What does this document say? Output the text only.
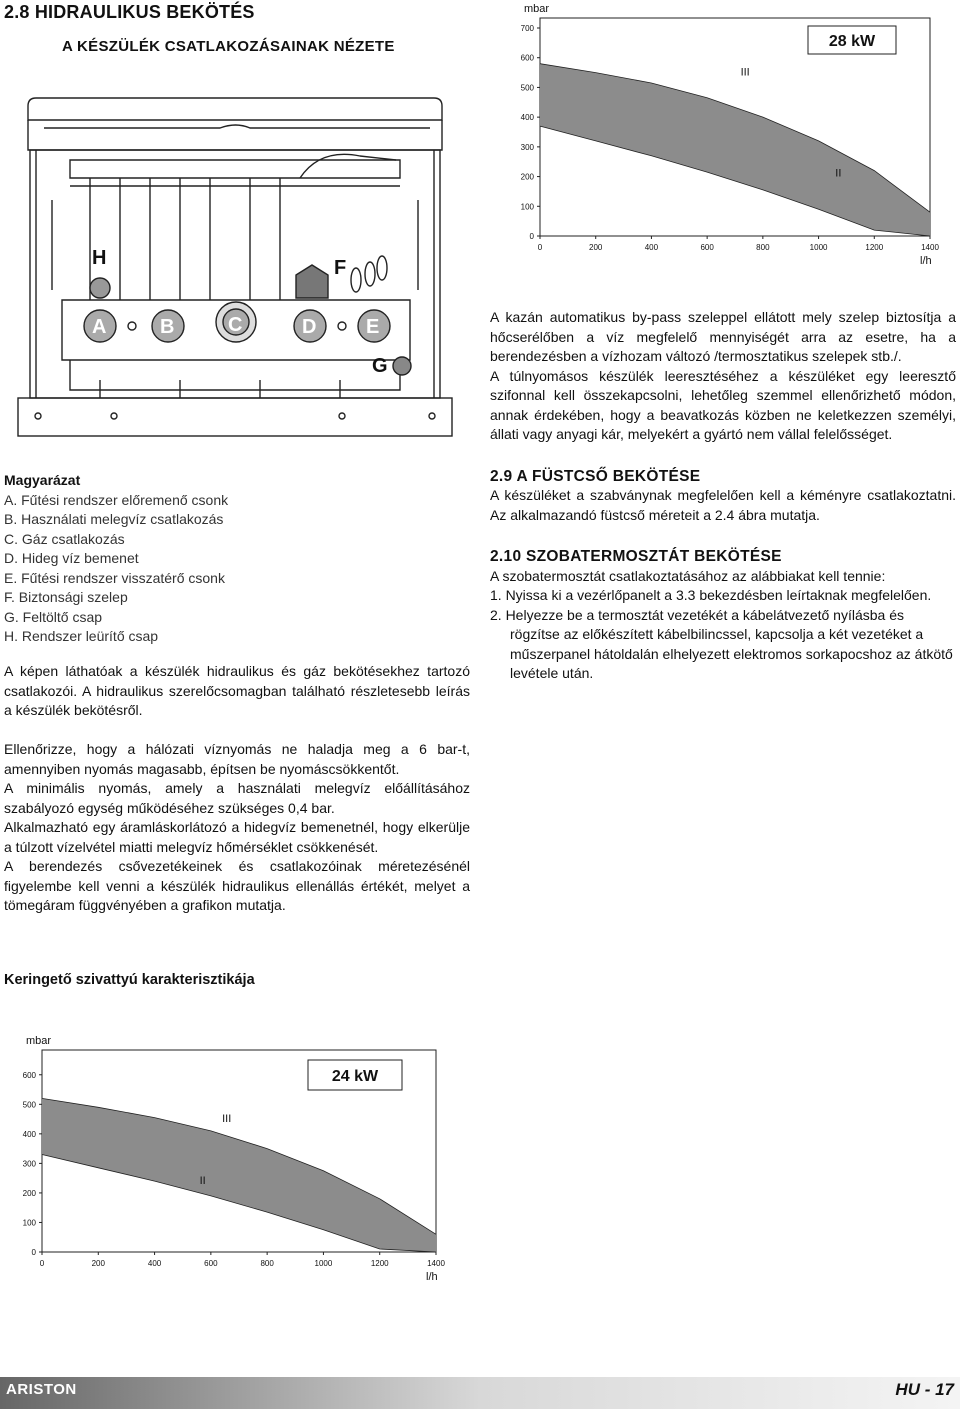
2.8 HIDRAULIKUS BEKÖTÉS
A KÉSZÜLÉK CSATLAKOZÁSAINAK NÉZETE
H	F
A	B	C	D E
G
Magyarázat
A. Fűtési rendszer előremenő csonk
B. Használati melegvíz csatlakozás
C. Gáz csatlakozás
D. Hideg víz bemenet
E. Fűtési rendszer visszatérő csonk
F. Biztonsági szelep
G. Feltöltő csap
H. Rendszer leürítő csap

A képen láthatóak a készülék hidraulikus és gáz bekötésekhez tartozó csatlakozói. A hidraulikus szerelőcsomagban található részletesebb leírás a készülék bekötésről.

Ellenőrizze, hogy a hálózati víznyomás ne haladja meg a 6 bar-t, amennyiben nyomás magasabb, építsen be nyomáscsökkentőt.

A minimális nyomás, amely a használati melegvíz előállításához szabályozó egység működéséhez szükséges 0,4 bar.

Alkalmazható egy áramláskorlátozó a hidegvíz bemenetnél, hogy elkerülje a túlzott vízelvétel miatti melegvíz hőmérséklet csökkenését.

A berendezés csővezetékeinek és csatlakozóinak méretezésénél figyelembe kell venni a készülék hidraulikus ellenállás értékét, melyet a tömegáram függvényében a grafikon mutatja.

Keringető szivattyú karakterisztikája

A kazán automatikus by-pass szeleppel ellátott mely szelep biztosítja a hőcserélőben a víz megfelelő mennyiségét arra az esetre, ha a berendezésben a vízhozam változó /termosztatikus szelepek stb./.

A túlnyomásos készülék leeresztéséhez a készüléket egy leeresztő szifonnal kell összekapcsolni, lehetőleg szemmel ellenőrizhető módon, annak érdekében, hogy a beavatkozás közben ne keletkezzen személyi, állati vagy anyagi kár, melyekért a gyártó nem vállal felelősséget.

2.9 A FÜSTCSŐ BEKÖTÉSE

A készüléket a szabványnak megfelelően kell a kéményre csatlakoztatni. Az alkalmazandó füstcső méreteit a 2.4 ábra mutatja.

2.10 SZOBATERMOSZTÁT BEKÖTÉSE

A szobatermosztát csatlakoztatásához az alábbiakat kell tennie:

1. Nyissa ki a vezérlőpanelt a 3.3 bekezdésben leírtaknak megfelelően.

2. Helyezze be a termosztát vezetékét a kábelátvezető nyílásba és rögzítse az előkészített kábelbilincssel, kapcsolja a két vezetéket a műszerpanel hátoldalán elhelyezett elektromos sorkapocshoz az átkötő levétele után.

0
100
200
300
400
500
600
700
0	200	400	600	800	1000	1200	1400
mbar
l/h
III
II
28 kW
0
100
200
300
400
500
600
0	200	400	600	800	1000	1200	1400
mbar
l/h
III
II
24 kW
ARISTON	HU - 17
